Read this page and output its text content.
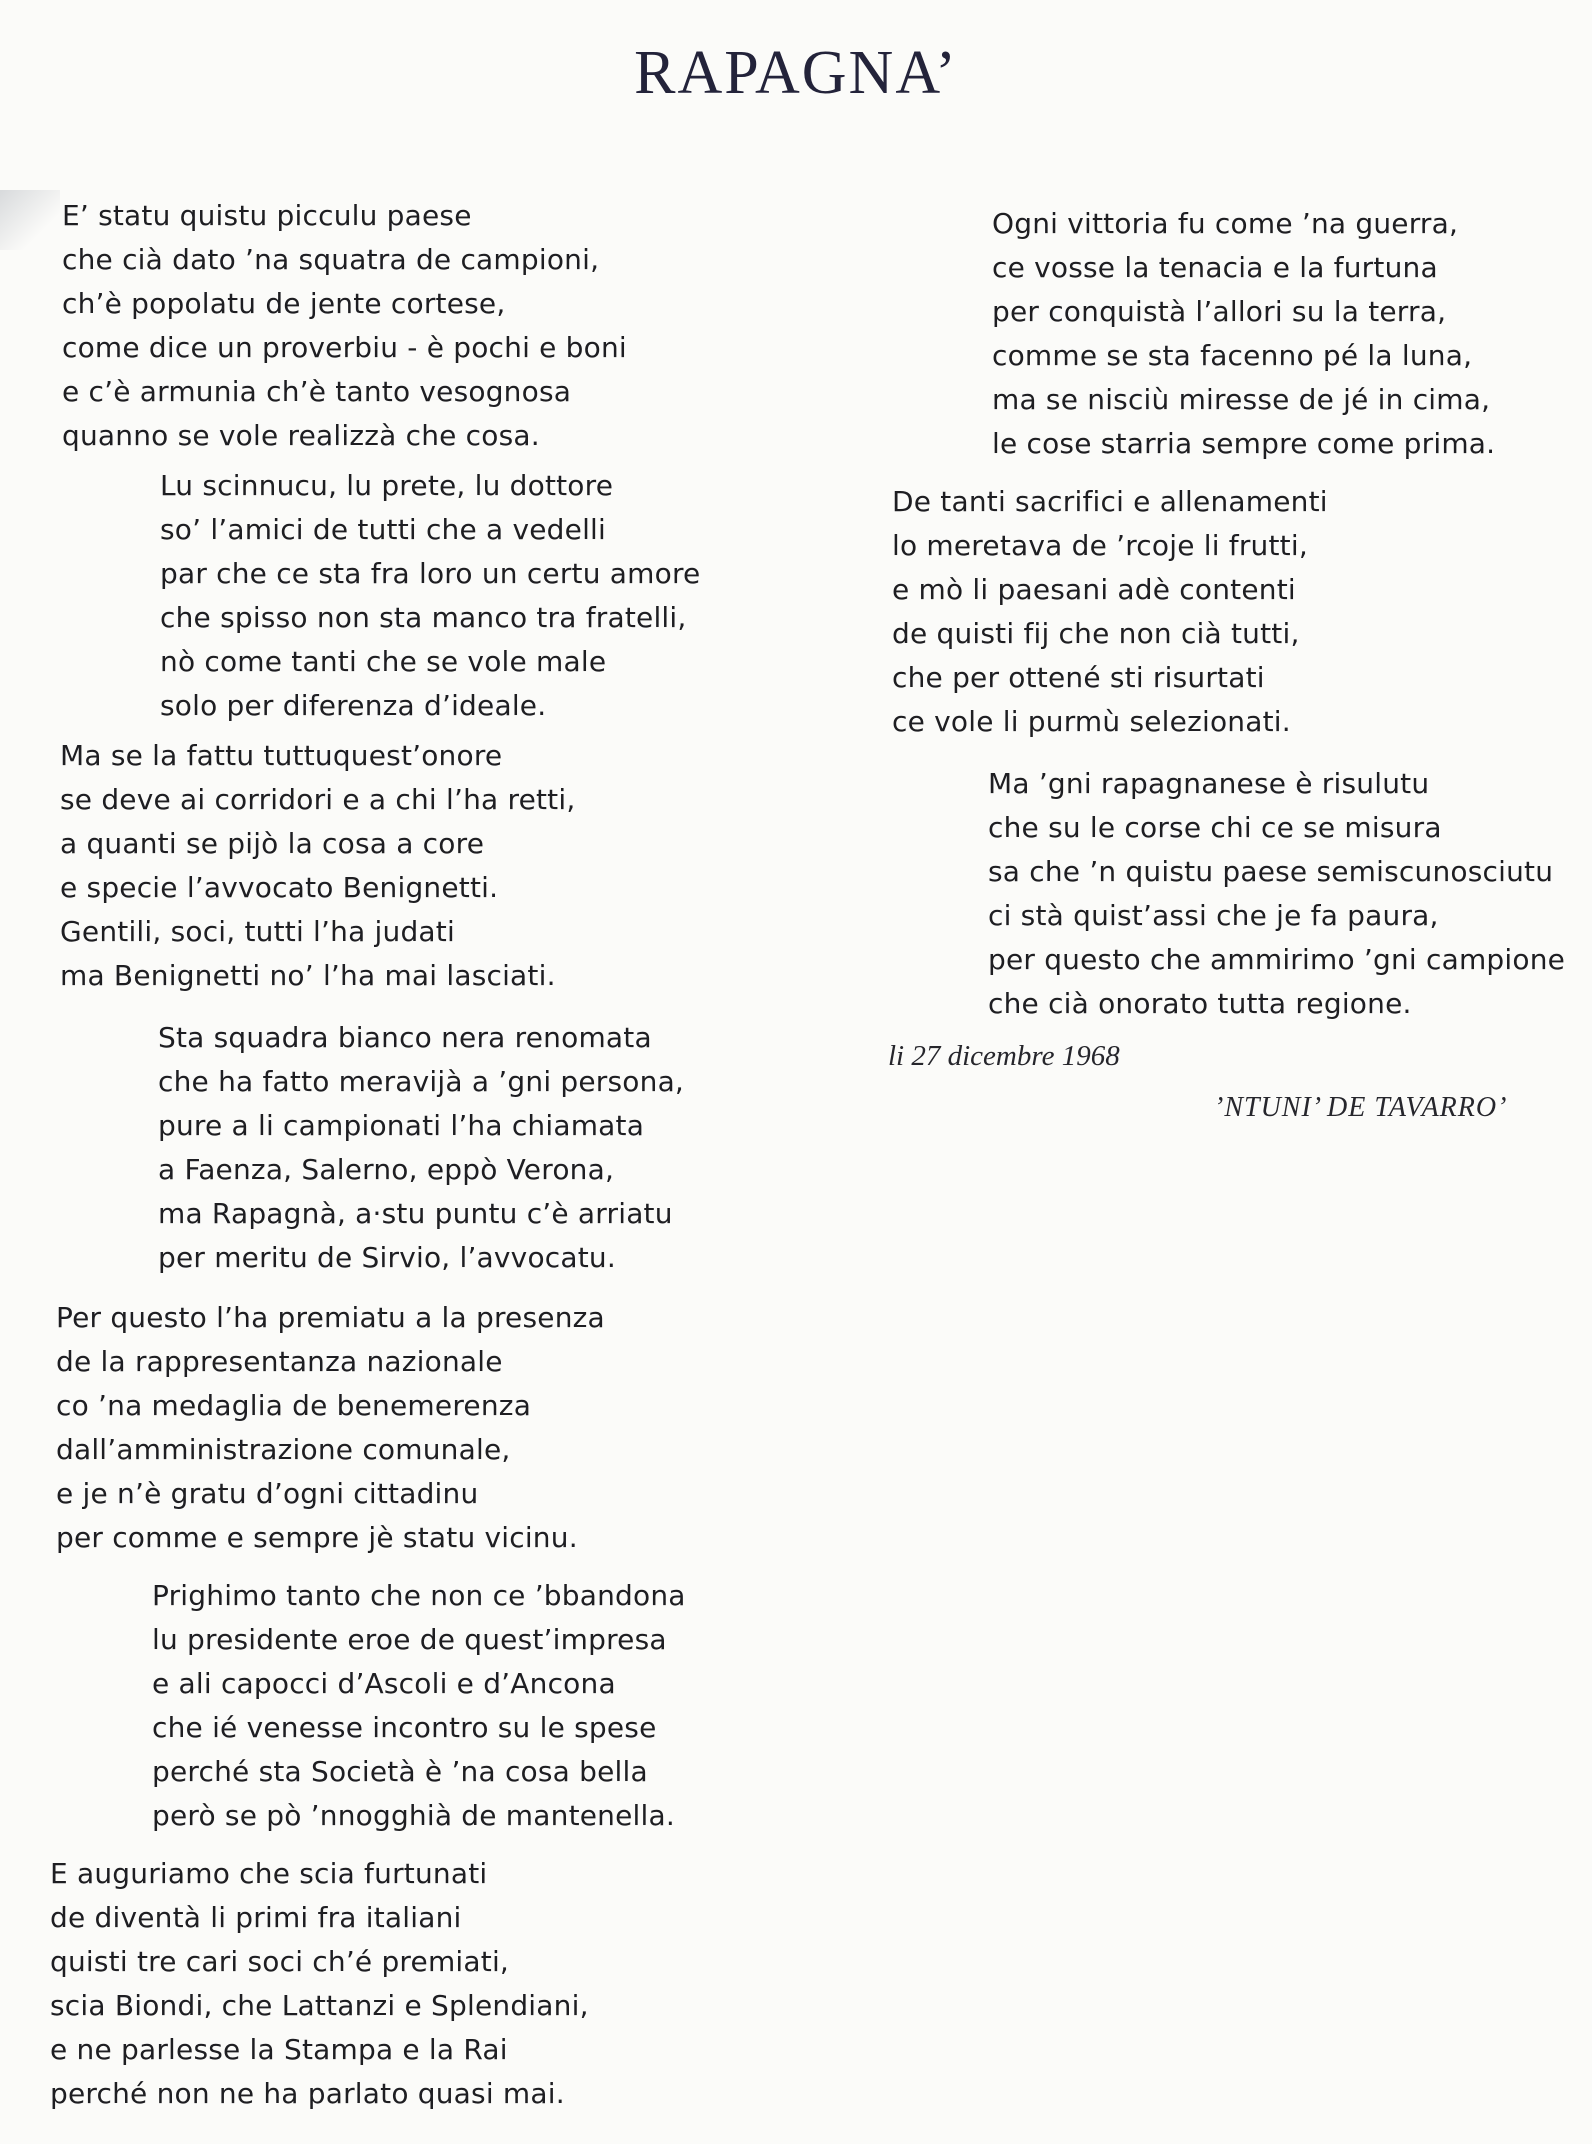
RAPAGNA’
E’ statu quistu picculu paese
che cià dato ’na squatra de campioni,
ch’è popolatu de jente cortese,
come dice un proverbiu - è pochi e boni
e c’è armunia ch’è tanto vesognosa
quanno se vole realizzà che cosa.
Lu scinnucu, lu prete, lu dottore
so’ l’amici de tutti che a vedelli
par che ce sta fra loro un certu amore
che spisso non sta manco tra fratelli,
nò come tanti che se vole male
solo per diferenza d’ideale.
Ma se la fattu tuttuquest’onore
se deve ai corridori e a chi l’ha retti,
a quanti se pijò la cosa a core
e specie l’avvocato Benignetti.
Gentili, soci, tutti l’ha judati
ma Benignetti no’ l’ha mai lasciati.
Sta squadra bianco nera renomata
che ha fatto meravijà a ’gni persona,
pure a li campionati l’ha chiamata
a Faenza, Salerno, eppò Verona,
ma Rapagnà, a·stu puntu c’è arriatu
per meritu de Sirvio, l’avvocatu.
Per questo l’ha premiatu a la presenza
de la rappresentanza nazionale
co ’na medaglia de benemerenza
dall’amministrazione comunale,
e je n’è gratu d’ogni cittadinu
per comme e sempre jè statu vicinu.
Prighimo tanto che non ce ’bbandona
lu presidente eroe de quest’impresa
e ali capocci d’Ascoli e d’Ancona
che ié venesse incontro su le spese
perché sta Società è ’na cosa bella
però se pò ’nnogghià de mantenella.
E auguriamo che scia furtunati
de diventà li primi fra italiani
quisti tre cari soci ch’é premiati,
scia Biondi, che Lattanzi e Splendiani,
e ne parlesse la Stampa e la Rai
perché non ne ha parlato quasi mai.
Ogni vittoria fu come ’na guerra,
ce vosse la tenacia e la furtuna
per conquistà l’allori su la terra,
comme se sta facenno pé la luna,
ma se nisciù miresse de jé in cima,
le cose starria sempre come prima.
De tanti sacrifici e allenamenti
lo meretava de ’rcoje li frutti,
e mò li paesani adè contenti
de quisti fij che non cià tutti,
che per ottené sti risurtati
ce vole li purmù selezionati.
Ma ’gni rapagnanese è risulutu
che su le corse chi ce se misura
sa che ’n quistu paese semiscunosciutu
ci stà quist’assi che je fa paura,
per questo che ammirimo ’gni campione
che cià onorato tutta regione.
li 27 dicembre 1968
’NTUNI’ DE TAVARRO’
